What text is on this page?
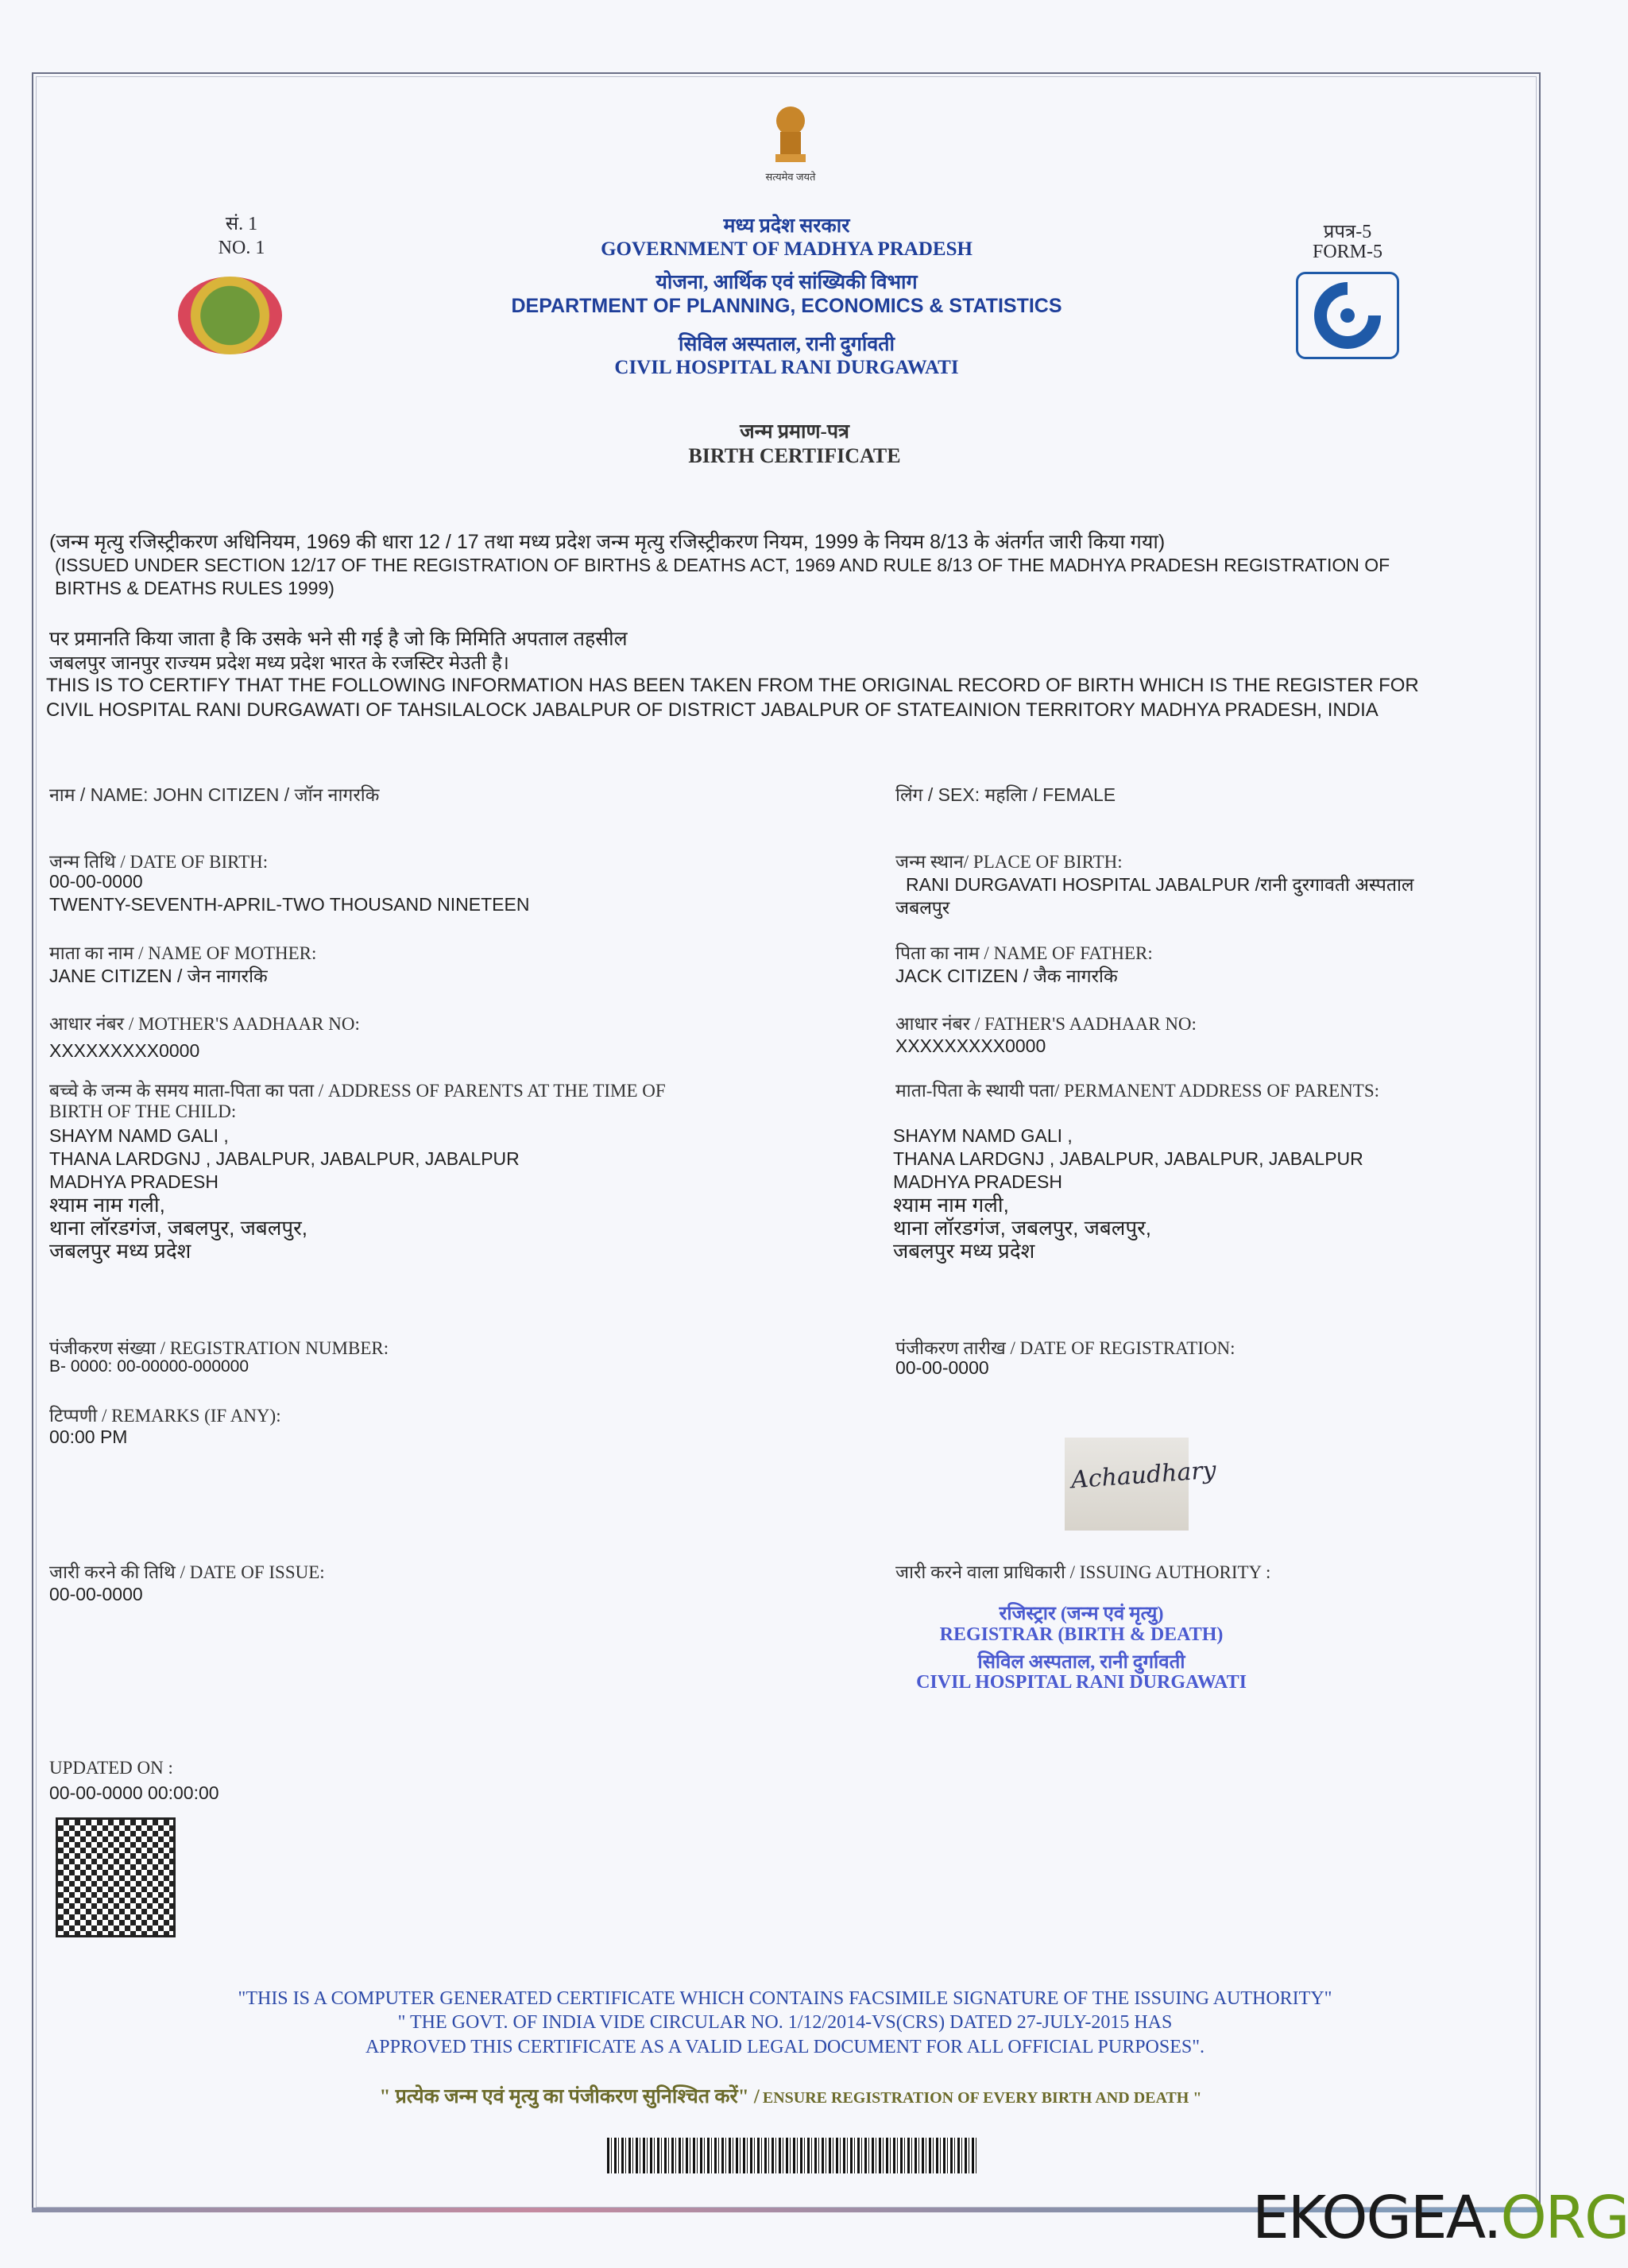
सत्यमेव जयते
सं. 1
NO. 1
प्रपत्र-5
FORM-5
मध्य प्रदेश सरकार
GOVERNMENT OF MADHYA PRADESH
योजना, आर्थिक एवं सांख्यिकी विभाग
DEPARTMENT OF PLANNING, ECONOMICS & STATISTICS
सिविल अस्पताल, रानी दुर्गावती
CIVIL HOSPITAL RANI DURGAWATI
जन्म प्रमाण-पत्र
BIRTH CERTIFICATE
(जन्म मृत्यु रजिस्ट्रीकरण अधिनियम, 1969 की धारा 12 / 17 तथा मध्य प्रदेश जन्म मृत्यु रजिस्ट्रीकरण नियम, 1999 के नियम 8/13 के अंतर्गत जारी किया गया)
(ISSUED UNDER SECTION 12/17 OF THE REGISTRATION OF BIRTHS & DEATHS ACT, 1969 AND RULE 8/13 OF THE MADHYA PRADESH REGISTRATION OF
BIRTHS & DEATHS RULES 1999)
पर प्रमानति किया जाता है कि उसके भने सी गई है जो कि मिमिति अपताल तहसील
जबलपुर जानपुर राज्यम प्रदेश मध्य प्रदेश भारत के रजस्टिर मेउती है।
THIS IS TO CERTIFY THAT THE FOLLOWING INFORMATION HAS BEEN TAKEN FROM THE ORIGINAL RECORD OF BIRTH WHICH IS THE REGISTER FOR
CIVIL HOSPITAL RANI DURGAWATI OF TAHSILALOCK JABALPUR OF DISTRICT JABALPUR OF STATEAINION TERRITORY MADHYA PRADESH, INDIA
नाम / NAME: JOHN CITIZEN / जॉन नागरकि
जन्म तिथि / DATE OF BIRTH:
00-00-0000
TWENTY-SEVENTH-APRIL-TWO THOUSAND NINETEEN
माता का नाम / NAME OF MOTHER:
JANE CITIZEN / जेन नागरकि
आधार नंबर / MOTHER'S AADHAAR NO:
XXXXXXXXX0000
बच्चे के जन्म के समय माता-पिता का पता / ADDRESS OF PARENTS AT THE TIME OF
BIRTH OF THE CHILD:
SHAYM NAMD GALI ,
THANA LARDGNJ , JABALPUR, JABALPUR, JABALPUR
MADHYA PRADESH
श्याम नाम गली,
थाना लॉरडगंज, जबलपुर, जबलपुर,
जबलपुर मध्य प्रदेश
पंजीकरण संख्या / REGISTRATION NUMBER:
B- 0000: 00-00000-000000
टिप्पणी / REMARKS (IF ANY):
00:00 PM
जारी करने की तिथि / DATE OF ISSUE:
00-00-0000
UPDATED ON :
00-00-0000 00:00:00
लिंग / SEX: महलिा / FEMALE
जन्म स्थान/ PLACE OF BIRTH:
RANI DURGAVATI HOSPITAL JABALPUR /रानी दुरगावती अस्पताल
जबलपुर
पिता का नाम / NAME OF FATHER:
JACK CITIZEN / जैक नागरकि
आधार नंबर / FATHER'S AADHAAR NO:
XXXXXXXXX0000
माता-पिता के स्थायी पता/ PERMANENT ADDRESS OF PARENTS:
SHAYM NAMD GALI ,
THANA LARDGNJ , JABALPUR, JABALPUR, JABALPUR
MADHYA PRADESH
श्याम नाम गली,
थाना लॉरडगंज, जबलपुर, जबलपुर,
जबलपुर मध्य प्रदेश
पंजीकरण तारीख / DATE OF REGISTRATION:
00-00-0000
Achaudhary
जारी करने वाला प्राधिकारी / ISSUING AUTHORITY :
रजिस्ट्रार (जन्म एवं मृत्यु)
REGISTRAR (BIRTH & DEATH)
सिविल अस्पताल, रानी दुर्गावती
CIVIL HOSPITAL RANI DURGAWATI
"THIS IS A COMPUTER GENERATED CERTIFICATE WHICH CONTAINS FACSIMILE SIGNATURE OF THE ISSUING AUTHORITY"
" THE GOVT. OF INDIA VIDE CIRCULAR NO. 1/12/2014-VS(CRS) DATED 27-JULY-2015 HAS
APPROVED THIS CERTIFICATE AS A VALID LEGAL DOCUMENT FOR ALL OFFICIAL PURPOSES".
" प्रत्येक जन्म एवं मृत्यु का पंजीकरण सुनिश्चित करें" / ENSURE REGISTRATION OF EVERY BIRTH AND DEATH "
EKOGEA.ORG
